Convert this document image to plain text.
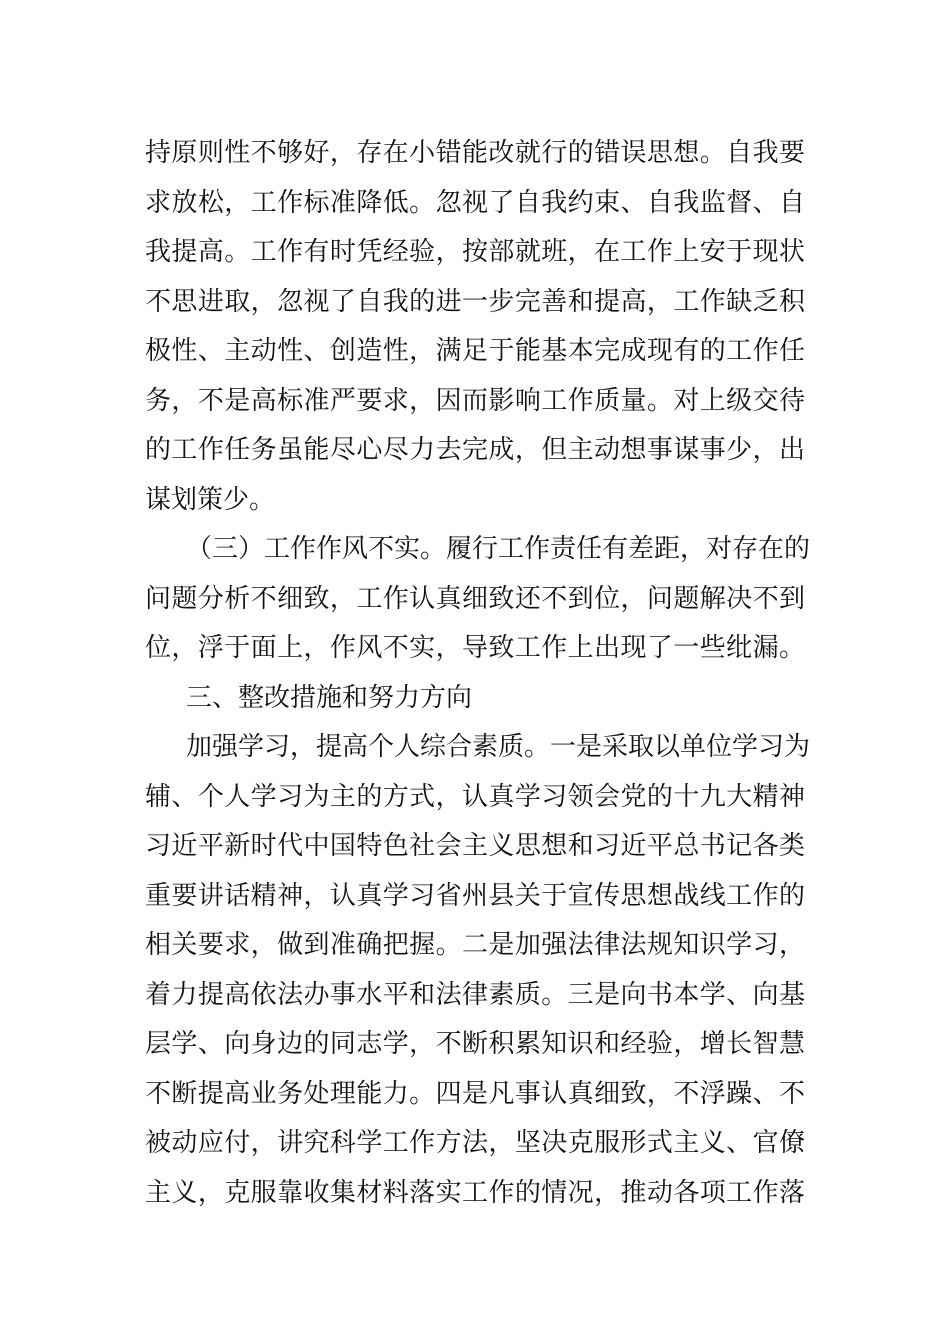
持原则性不够好，存在小错能改就行的错误思想。自我要
求放松，工作标准降低。忽视了自我约束、自我监督、自
我提高。工作有时凭经验，按部就班，在工作上安于现状
不思进取，忽视了自我的进一步完善和提高，工作缺乏积
极性、主动性、创造性，满足于能基本完成现有的工作任
务，不是高标准严要求，因而影响工作质量。对上级交待
的工作任务虽能尽心尽力去完成，但主动想事谋事少，出
谋划策少。
（三）工作作风不实。履行工作责任有差距，对存在的
问题分析不细致，工作认真细致还不到位，问题解决不到
位，浮于面上，作风不实，导致工作上出现了一些纰漏。
三、整改措施和努力方向
加强学习，提高个人综合素质。一是采取以单位学习为
辅、个人学习为主的方式，认真学习领会党的十九大精神
习近平新时代中国特色社会主义思想和习近平总书记各类
重要讲话精神，认真学习省州县关于宣传思想战线工作的
相关要求，做到准确把握。二是加强法律法规知识学习，
着力提高依法办事水平和法律素质。三是向书本学、向基
层学、向身边的同志学，不断积累知识和经验，增长智慧
不断提高业务处理能力。四是凡事认真细致，不浮躁、不
被动应付，讲究科学工作方法，坚决克服形式主义、官僚
主义，克服靠收集材料落实工作的情况，推动各项工作落
